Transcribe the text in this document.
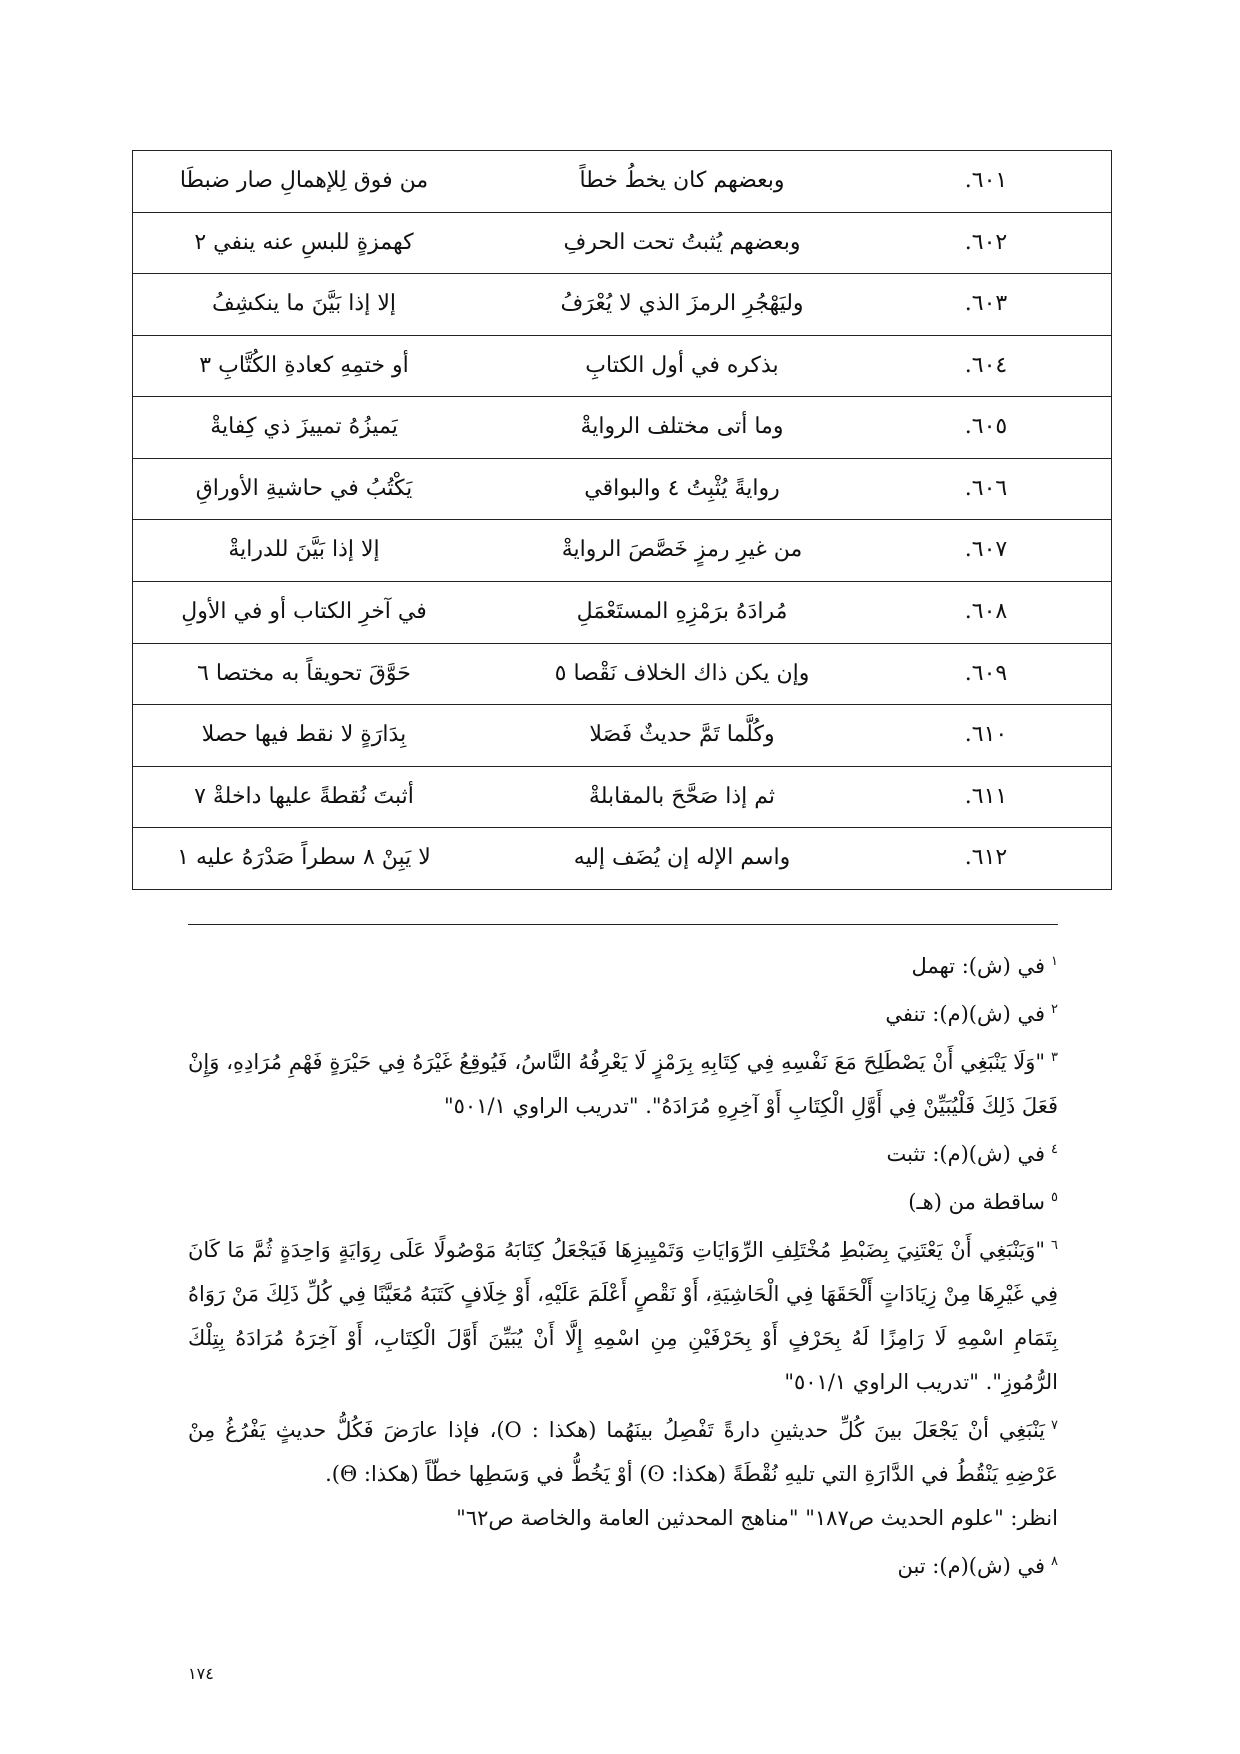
٦٠١.	وبعضهم كان يخطُ خطاً	من فوق لِلإهمالِ صار ضبطَا
٦٠٢.	وبعضهم يُثبتُ تحت الحرفِ	كهمزةٍ للبسِ عنه ينفي ٢
٦٠٣.	وليَهْجُرِ الرمزَ الذي لا يُعْرَفُ	إلا إذا بَيَّنَ ما ينكشِفُ
٦٠٤.	بذكره في أول الكتابِ	أو ختمِهِ كعادةِ الكُتَّابِ ٣
٦٠٥.	وما أتى مختلف الروايةْ	يَميزُهُ تمييزَ ذي كِفايةْ
٦٠٦.	روايةً يُثْبِتُ ٤ والبواقي	يَكْتُبُ في حاشيةِ الأوراقِ
٦٠٧.	من غيرِ رمزٍ خَصَّصَ الروايةْ	إلا إذا بَيَّنَ للدرايةْ
٦٠٨.	مُرادَهُ برَمْزِهِ المستَعْمَلِ	في آخرِ الكتاب أو في الأولِ
٦٠٩.	وإن يكن ذاك الخلاف نَقْصا ٥	حَوَّقَ تحويقاً به مختصا ٦
٦١٠.	وكُلَّما تَمَّ حديثٌ فَصَلا	بِدَارَةٍ لا نقط فيها حصلا
٦١١.	ثم إذا صَحَّحَ بالمقابلةْ	أثبتَ نُقطةً عليها داخلةْ ٧
٦١٢.	واسم الإله إن يُضَف إليه	لا يَبِنْ ٨ سطراً صَدْرَهُ عليه ١

$^١$في (ش): تهمل

$^٢$في (ش)(م): تنفي

$^٣$"وَلَا يَنْبَغِي أَنْ يَصْطَلِحَ مَعَ نَفْسِهِ فِي كِتَابِهِ بِرَمْزٍ لَا يَعْرِفُهُ النَّاسُ، فَيُوقِعُ غَيْرَهُ فِي حَيْرَةٍ فَهْمِ مُرَادِهِ، وَإِنْ فَعَلَ ذَلِكَ فَلْيُبَيِّنْ فِي أَوَّلِ الْكِتَابِ أَوْ آخِرِهِ مُرَادَهُ". "تدريب الراوي ٥٠١/١"

$^٤$في (ش)(م): تثبت

$^٥$ساقطة من (هـ)

$^٦$"وَيَنْبَغِي أَنْ يَعْتَنِيَ بِضَبْطِ مُخْتَلِفِ الرِّوَايَاتِ وَتَمْيِيزِهَا فَيَجْعَلُ كِتَابَهُ مَوْصُولًا عَلَى رِوَايَةٍ وَاحِدَةٍ ثُمَّ مَا كَانَ فِي غَيْرِهَا مِنْ زِيَادَاتٍ أَلْحَقَهَا فِي الْحَاشِيَةِ، أَوْ نَقْصٍ أَعْلَمَ عَلَيْهِ، أَوْ خِلَافٍ كَتَبَهُ مُعَيَّنًا فِي كُلِّ ذَلِكَ مَنْ رَوَاهُ بِتَمَامِ اسْمِهِ لَا رَامِزًا لَهُ بِحَرْفٍ أَوْ بِحَرْفَيْنِ مِنِ اسْمِهِ إِلَّا أَنْ يُبَيِّنَ أَوَّلَ الْكِتَابِ، أَوْ آخِرَهُ مُرَادَهُ بِتِلْكَ الرُّمُوزِ". "تدريب الراوي ٥٠١/١"

$^٧$يَنْبَغِي أنْ يَجْعَلَ بينَ كُلِّ حديثينِ دارةً تَفْصِلُ بينَهُما (هكذا : O)، فإذا عارَضَ فَكُلُّ حديثٍ يَفْرُغُ مِنْ عَرْضِهِ يَنْقُطُ في الدَّارَةِ التي تليهِ نُقْطَةً (هكذا: ʘ) أوْ يَخُطُّ في وَسَطِها خطّاً (هكذا: Θ).

انظر: "علوم الحديث ص١٨٧" "مناهج المحدثين العامة والخاصة ص٦٢"

$^٨$في (ش)(م): تبن

١٧٤
